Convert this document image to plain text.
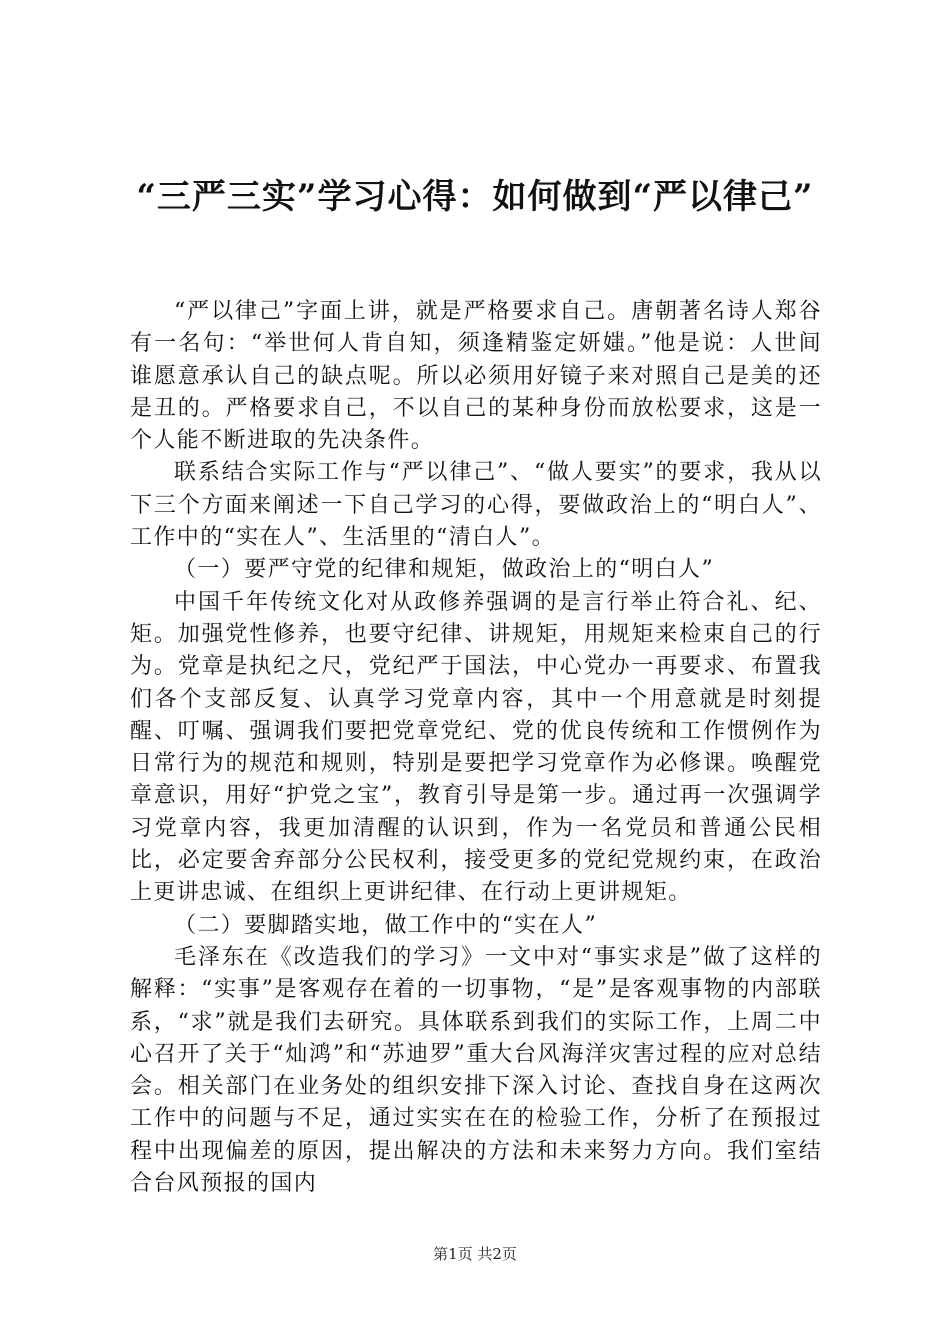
“三严三实”学习心得：如何做到“严以律己”

“严以律己”字面上讲，就是严格要求自己。唐朝著名诗人郑谷有一名句：“举世何人肯自知，须逢精鉴定妍媸。”他是说：人世间谁愿意承认自己的缺点呢。所以必须用好镜子来对照自己是美的还是丑的。严格要求自己，不以自己的某种身份而放松要求，这是一个人能不断进取的先决条件。

联系结合实际工作与“严以律己”、“做人要实”的要求，我从以下三个方面来阐述一下自己学习的心得，要做政治上的“明白人”、工作中的“实在人”、生活里的“清白人”。

（一）要严守党的纪律和规矩，做政治上的“明白人”

中国千年传统文化对从政修养强调的是言行举止符合礼、纪、矩。加强党性修养，也要守纪律、讲规矩，用规矩来检束自己的行为。党章是执纪之尺，党纪严于国法，中心党办一再要求、布置我们各个支部反复、认真学习党章内容，其中一个用意就是时刻提醒、叮嘱、强调我们要把党章党纪、党的优良传统和工作惯例作为日常行为的规范和规则，特别是要把学习党章作为必修课。唤醒党章意识，用好“护党之宝”，教育引导是第一步。通过再一次强调学习党章内容，我更加清醒的认识到，作为一名党员和普通公民相比，必定要舍弃部分公民权利，接受更多的党纪党规约束，在政治上更讲忠诚、在组织上更讲纪律、在行动上更讲规矩。

（二）要脚踏实地，做工作中的“实在人”

毛泽东在《改造我们的学习》一文中对“事实求是”做了这样的解释：“实事”是客观存在着的一切事物，“是”是客观事物的内部联系，“求”就是我们去研究。具体联系到我们的实际工作，上周二中心召开了关于“灿鸿”和“苏迪罗”重大台风海洋灾害过程的应对总结会。相关部门在业务处的组织安排下深入讨论、查找自身在这两次工作中的问题与不足，通过实实在在的检验工作，分析了在预报过程中出现偏差的原因，提出解决的方法和未来努力方向。我们室结合台风预报的国内

第1页 共2页
